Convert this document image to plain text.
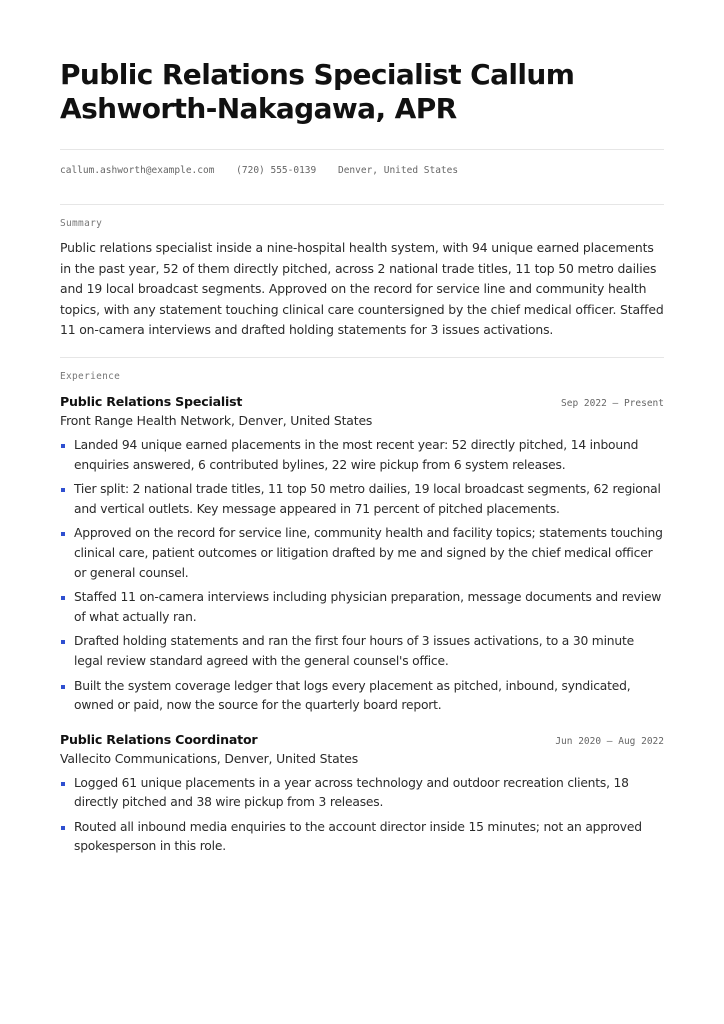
Public Relations Specialist Callum Ashworth-Nakagawa, APR
callum.ashworth@example.com (720) 555-0139 Denver, United States
Summary

Public relations specialist inside a nine-hospital health system, with 94 unique earned placements in the past year, 52 of them directly pitched, across 2 national trade titles, 11 top 50 metro dailies and 19 local broadcast segments. Approved on the record for service line and community health topics, with any statement touching clinical care countersigned by the chief medical officer. Staffed 11 on-camera interviews and drafted holding statements for 3 issues activations.

Experience
Public Relations Specialist	Sep 2022 — Present
Front Range Health Network, Denver, United States
Landed 94 unique earned placements in the most recent year: 52 directly pitched, 14 inbound enquiries answered, 6 contributed bylines, 22 wire pickup from 6 system releases.
Tier split: 2 national trade titles, 11 top 50 metro dailies, 19 local broadcast segments, 62 regional and vertical outlets. Key message appeared in 71 percent of pitched placements.
Approved on the record for service line, community health and facility topics; statements touching clinical care, patient outcomes or litigation drafted by me and signed by the chief medical officer or general counsel.
Staffed 11 on-camera interviews including physician preparation, message documents and review of what actually ran.
Drafted holding statements and ran the first four hours of 3 issues activations, to a 30 minute legal review standard agreed with the general counsel's office.
Built the system coverage ledger that logs every placement as pitched, inbound, syndicated, owned or paid, now the source for the quarterly board report.
Public Relations Coordinator	Jun 2020 — Aug 2022
Vallecito Communications, Denver, United States
Logged 61 unique placements in a year across technology and outdoor recreation clients, 18 directly pitched and 38 wire pickup from 3 releases.
Routed all inbound media enquiries to the account director inside 15 minutes; not an approved spokesperson in this role.
